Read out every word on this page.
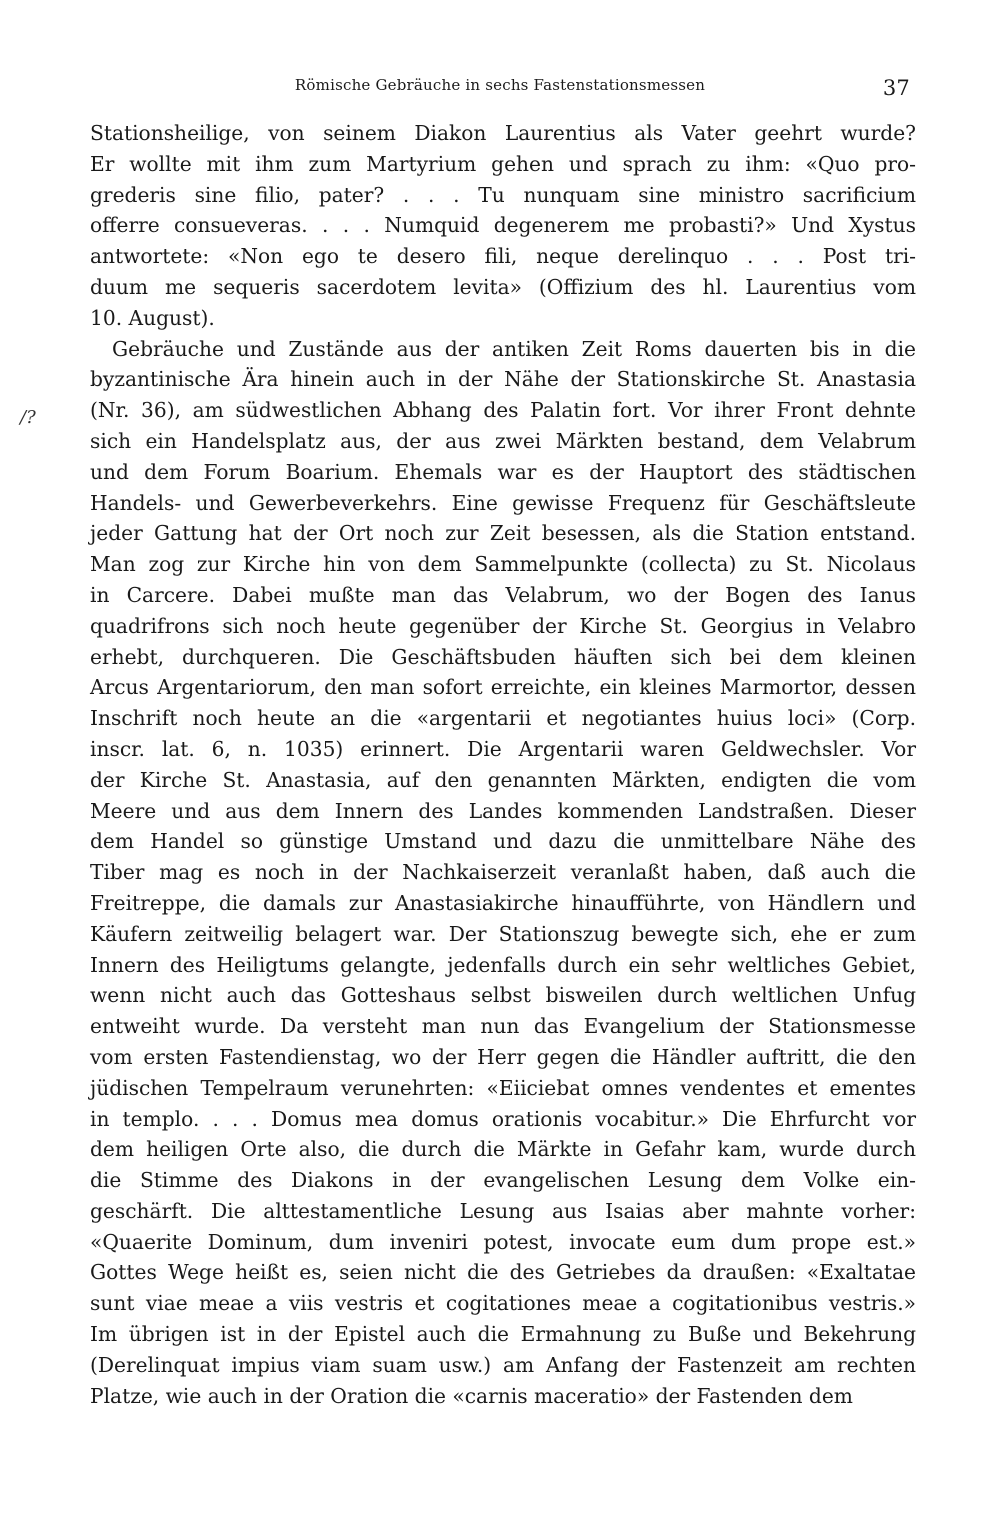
Römische Gebräuche in sechs Fastenstationsmessen	37
/?
Stationsheilige, von seinem Diakon Laurentius als Vater geehrt wurde?
Er wollte mit ihm zum Martyrium gehen und sprach zu ihm: «Quo pro-
grederis sine filio, pater? . . . Tu nunquam sine ministro sacrificium
offerre consueveras. . . . Numquid degenerem me probasti?» Und Xystus
antwortete: «Non ego te desero fili, neque derelinquo . . . Post tri-
duum me sequeris sacerdotem levita» (Offizium des hl. Laurentius vom
10. August).
Gebräuche und Zustände aus der antiken Zeit Roms dauerten bis in die
byzantinische Ära hinein auch in der Nähe der Stationskirche St. Anastasia
(Nr. 36), am südwestlichen Abhang des Palatin fort. Vor ihrer Front dehnte
sich ein Handelsplatz aus, der aus zwei Märkten bestand, dem Velabrum
und dem Forum Boarium. Ehemals war es der Hauptort des städtischen
Handels- und Gewerbeverkehrs. Eine gewisse Frequenz für Geschäftsleute
jeder Gattung hat der Ort noch zur Zeit besessen, als die Station entstand.
Man zog zur Kirche hin von dem Sammelpunkte (collecta) zu St. Nicolaus
in Carcere. Dabei mußte man das Velabrum, wo der Bogen des Ianus
quadrifrons sich noch heute gegenüber der Kirche St. Georgius in Velabro
erhebt, durchqueren. Die Geschäftsbuden häuften sich bei dem kleinen
Arcus Argentariorum, den man sofort erreichte, ein kleines Marmortor, dessen
Inschrift noch heute an die «argentarii et negotiantes huius loci» (Corp.
inscr. lat. 6, n. 1035) erinnert. Die Argentarii waren Geldwechsler. Vor
der Kirche St. Anastasia, auf den genannten Märkten, endigten die vom
Meere und aus dem Innern des Landes kommenden Landstraßen. Dieser
dem Handel so günstige Umstand und dazu die unmittelbare Nähe des
Tiber mag es noch in der Nachkaiserzeit veranlaßt haben, daß auch die
Freitreppe, die damals zur Anastasiakirche hinaufführte, von Händlern und
Käufern zeitweilig belagert war. Der Stationszug bewegte sich, ehe er zum
Innern des Heiligtums gelangte, jedenfalls durch ein sehr weltliches Gebiet,
wenn nicht auch das Gotteshaus selbst bisweilen durch weltlichen Unfug
entweiht wurde. Da versteht man nun das Evangelium der Stationsmesse
vom ersten Fastendienstag, wo der Herr gegen die Händler auftritt, die den
jüdischen Tempelraum verunehrten: «Eiiciebat omnes vendentes et ementes
in templo. . . . Domus mea domus orationis vocabitur.» Die Ehrfurcht vor
dem heiligen Orte also, die durch die Märkte in Gefahr kam, wurde durch
die Stimme des Diakons in der evangelischen Lesung dem Volke ein-
geschärft. Die alttestamentliche Lesung aus Isaias aber mahnte vorher:
«Quaerite Dominum, dum inveniri potest, invocate eum dum prope est.»
Gottes Wege heißt es, seien nicht die des Getriebes da draußen: «Exaltatae
sunt viae meae a viis vestris et cogitationes meae a cogitationibus vestris.»
Im übrigen ist in der Epistel auch die Ermahnung zu Buße und Bekehrung
(Derelinquat impius viam suam usw.) am Anfang der Fastenzeit am rechten
Platze, wie auch in der Oration die «carnis maceratio» der Fastenden dem
